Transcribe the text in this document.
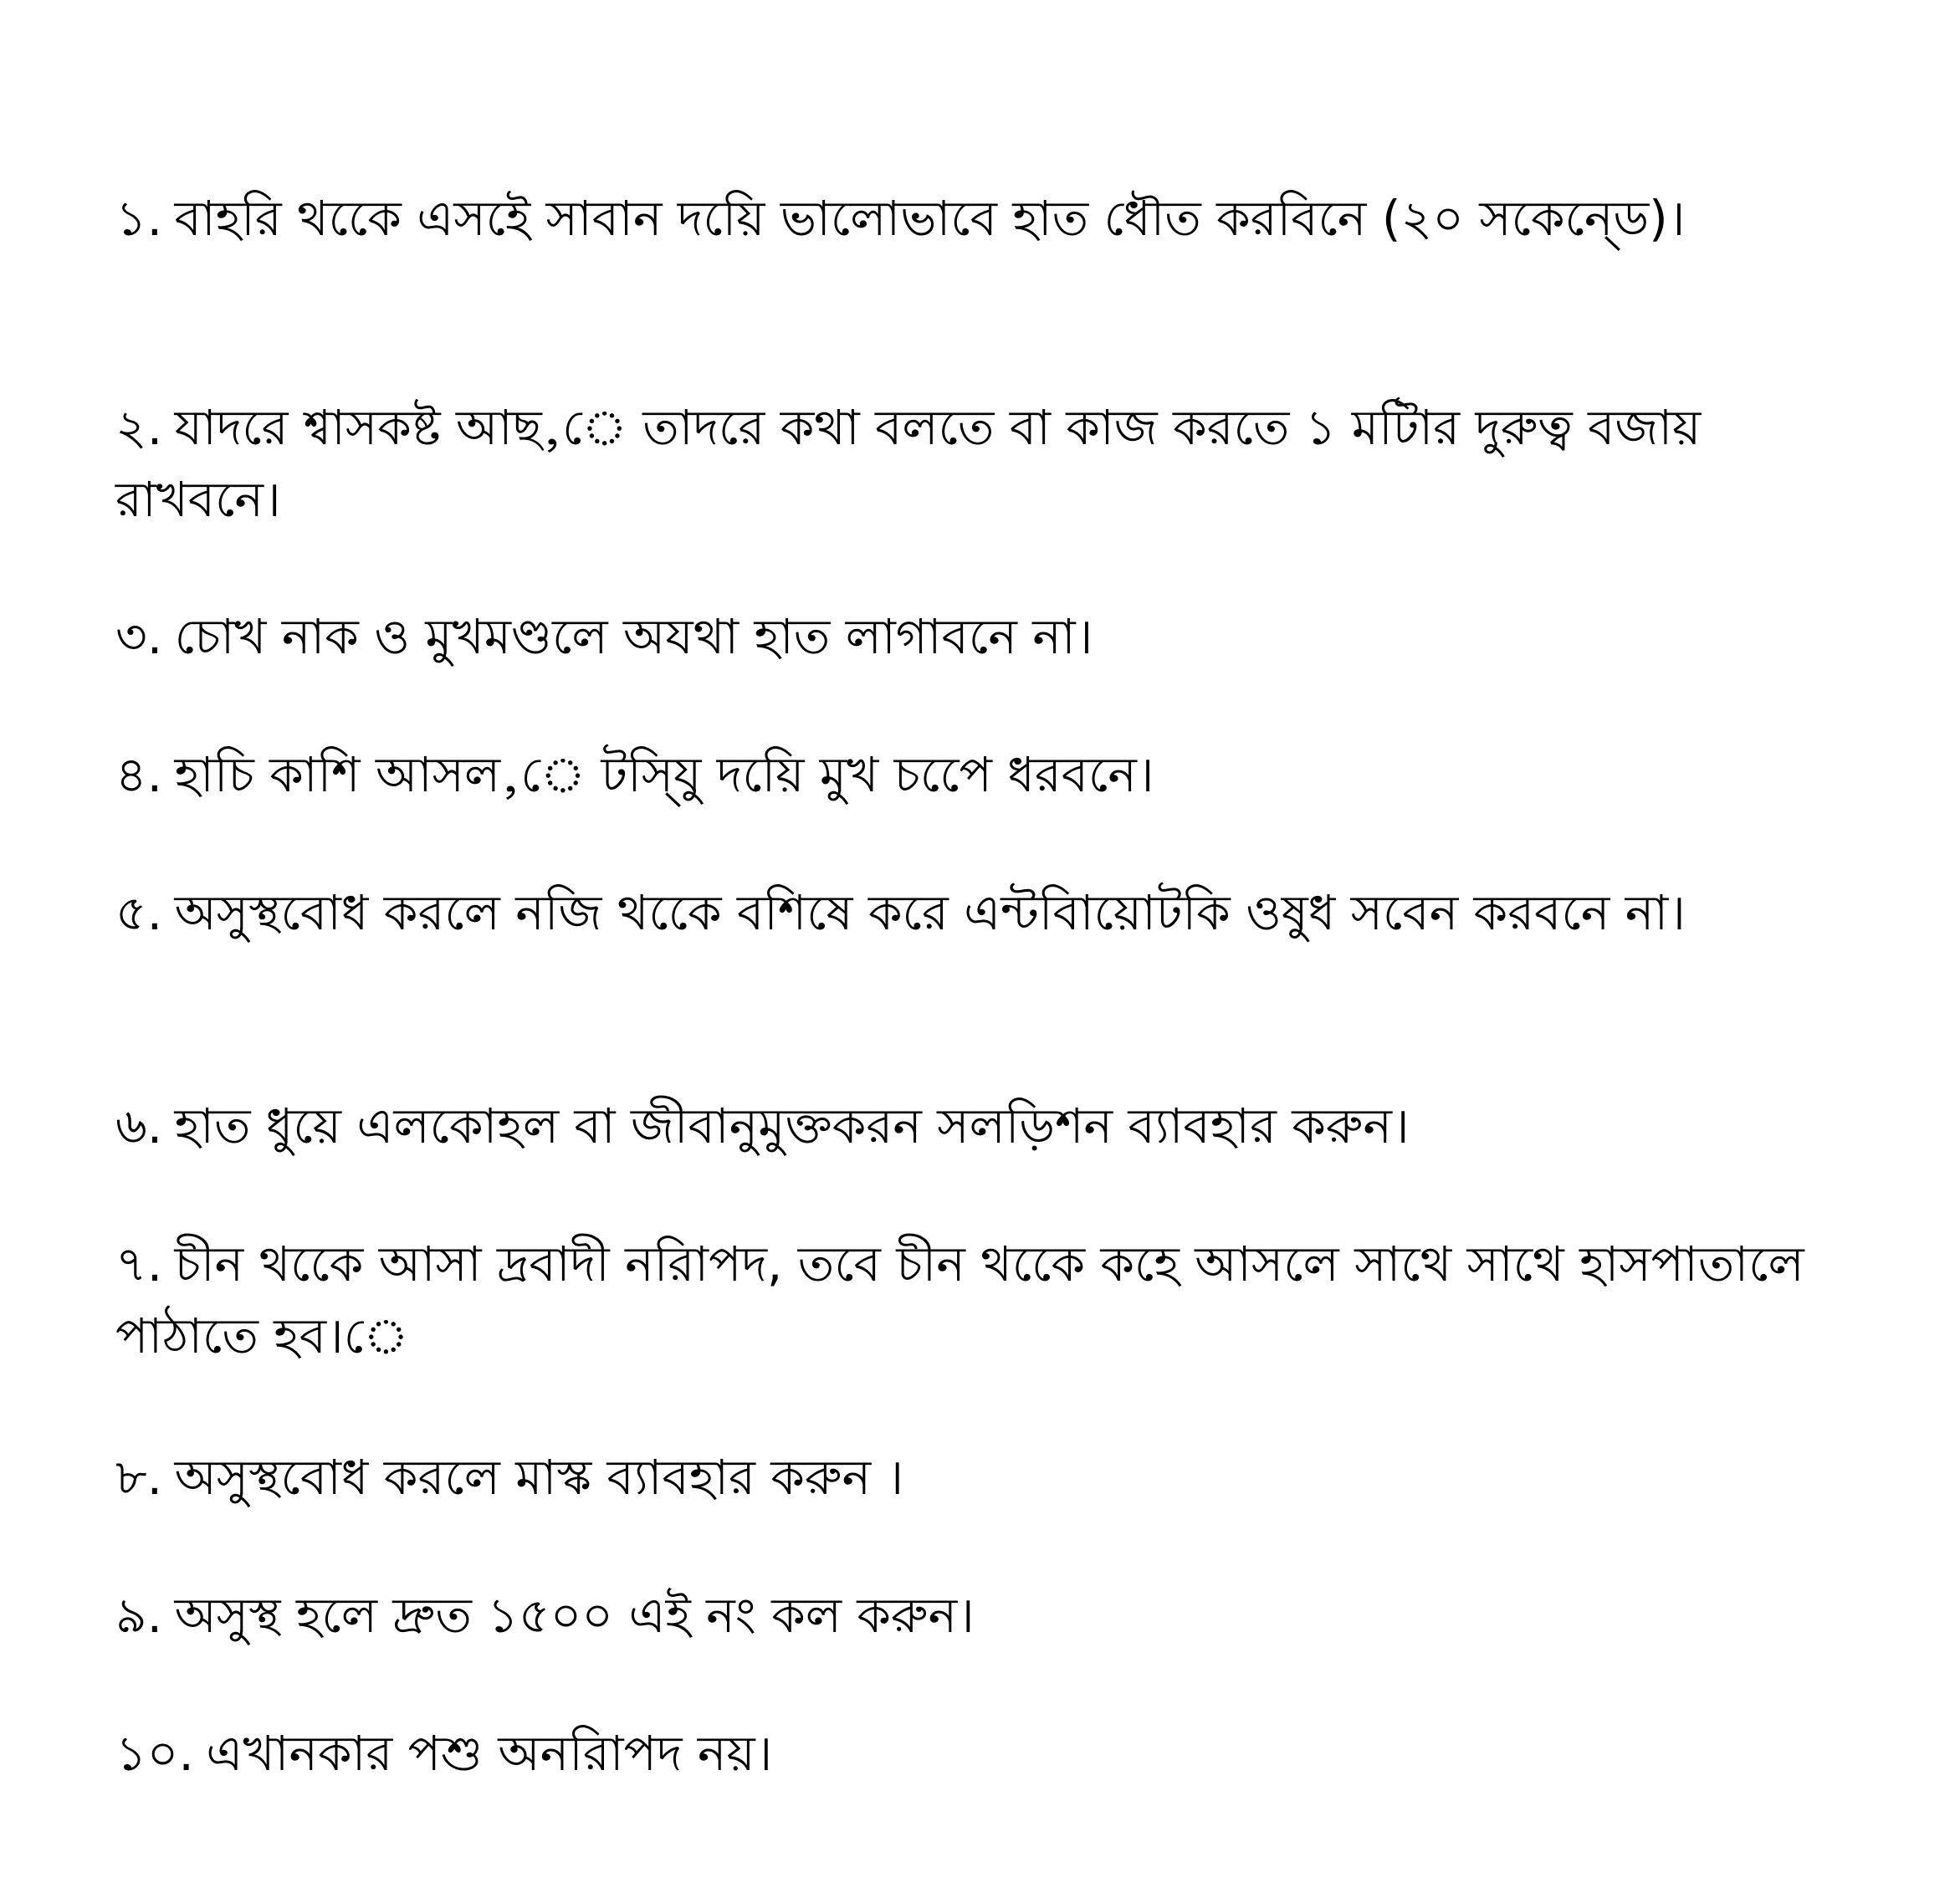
১. বাহরি থকেে এসইে সাবান দয়িে ভালােভাবে হাত ধৌত করবিনে (২০ সকেনে্ড)।

২. যাদরে শ্বাসকষ্ট আছ,ে তাদরে কথা বলতে বা কাজ করতে ১ মটিার দুরুত্ব বজায় রাখবনে।

৩. চােখ নাক ও মুখমণ্ডলে অযথা হাত লাগাবনে না।

৪. হাচি কাশি আসল,ে টসি্যু দয়িে মুখ চপেে ধরবনে।

৫. অসুস্থবােধ করলে নজি থকেে বশিষে করে এন্টবিায়ােটকি ওষুধ সবেন করবনে না।

৬. হাত ধুয়ে এলকােহল বা জীবানুমুক্তকরন সলডি়শন ব্যাবহার করুন।

৭. চীন থকেে আসা দ্রবাদী নরিাপদ, তবে চীন থকেে কহে আসলে সাথে সাথে হাসপাতালে পাঠাতে হব।ে

৮. অসুস্থবােধ করলে মাস্ক ব্যাবহার করুন ।

৯. অসুস্থ হলে দ্রুত ১৫০০ এই নং কল করুন।

১০. এখানকার পশু অনরিাপদ নয়।
